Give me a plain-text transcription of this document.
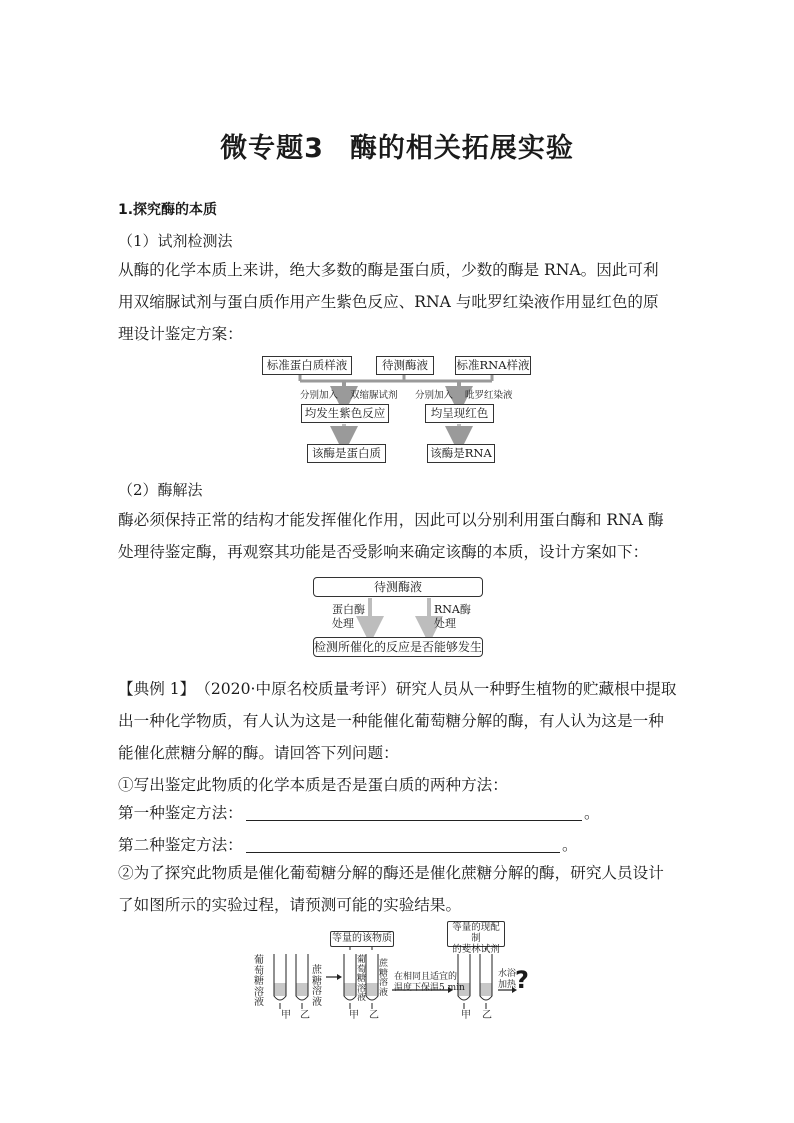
微专题3 酶的相关拓展实验
1.探究酶的本质
（1）试剂检测法
从酶的化学本质上来讲，绝大多数的酶是蛋白质，少数的酶是 RNA。因此可利
用双缩脲试剂与蛋白质作用产生紫色反应、RNA 与吡罗红染液作用显红色的原
理设计鉴定方案：
标准蛋白质样液	待测酶液	标准RNA样液
分别加入 双缩脲试剂 分别加入 吡罗红染液
均发生紫色反应	均呈现红色
该酶是蛋白质	该酶是RNA
（2）酶解法
酶必须保持正常的结构才能发挥催化作用，因此可以分别利用蛋白酶和 RNA 酶
处理待鉴定酶，再观察其功能是否受影响来确定该酶的本质，设计方案如下：
待测酶液
蛋白酶
处理
RNA酶
处理
检测所催化的反应是否能够发生
【典例 1】　（2020·中原名校质量考评）研究人员从一种野生植物的贮藏根中提取
出一种化学物质，有人认为这是一种能催化葡萄糖分解的酶，有人认为这是一种
能催化蔗糖分解的酶。请回答下列问题：
①写出鉴定此物质的化学本质是否是蛋白质的两种方法：
第一种鉴定方法：	。
第二种鉴定方法：	。
②为了探究此物质是催化葡萄糖分解的酶还是催化蔗糖分解的酶，研究人员设计
了如图所示的实验过程，请预测可能的实验结果。
葡萄糖溶液
蔗糖溶液
葡萄糖溶液
蔗糖溶液
等量的该物质
等量的现配制
的斐林试剂
在相同且适宜的
温度下保温5 min
水浴
加热
?
甲 乙	甲 乙	甲 乙
